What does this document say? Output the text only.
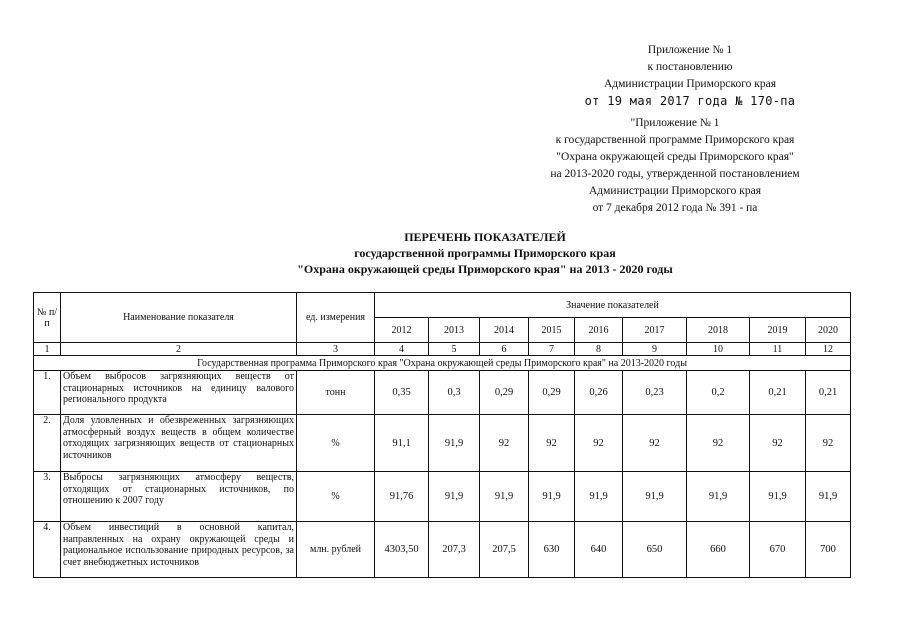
Приложение № 1
к постановлению
Администрации Приморского края
от 19 мая 2017 года № 170-па
"Приложение № 1
к государственной программе Приморского края
"Охрана окружающей среды Приморского края"
на 2013-2020 годы, утвержденной постановлением
Администрации Приморского края
от 7 декабря 2012 года № 391 - па
ПЕРЕЧЕНЬ ПОКАЗАТЕЛЕЙ
государственной программы Приморского края
"Охрана окружающей среды Приморского края" на 2013 - 2020 годы
№ п/п	Наименование показателя	ед. измерения	Значение показателей								
			2012	2013	2014	2015	2016	2017	2018	2019	2020
1	2	3	4	5	6	7	8	9	10	11	12
Государственная программа Приморского края "Охрана окружающей среды Приморского края" на 2013-2020 годы											
1.	Объем выбросов загрязняющих веществ от стационарных источников на единицу валового регионального продукта	тонн	0,35	0,3	0,29	0,29	0,26	0,23	0,2	0,21	0,21
2.	Доля уловленных и обезвреженных загрязняющих атмосферный воздух веществ в общем количестве отходящих загрязняющих веществ от стационарных источников	%	91,1	91,9	92	92	92	92	92	92	92
3.	Выбросы загрязняющих атмосферу веществ, отходящих от стационарных источников, по отношению к 2007 году	%	91,76	91,9	91,9	91,9	91,9	91,9	91,9	91,9	91,9
4.	Объем инвестиций в основной капитал, направленных на охрану окружающей среды и рациональное использование природных ресурсов, за счет внебюджетных источников	млн. рублей	4303,50	207,3	207,5	630	640	650	660	670	700
